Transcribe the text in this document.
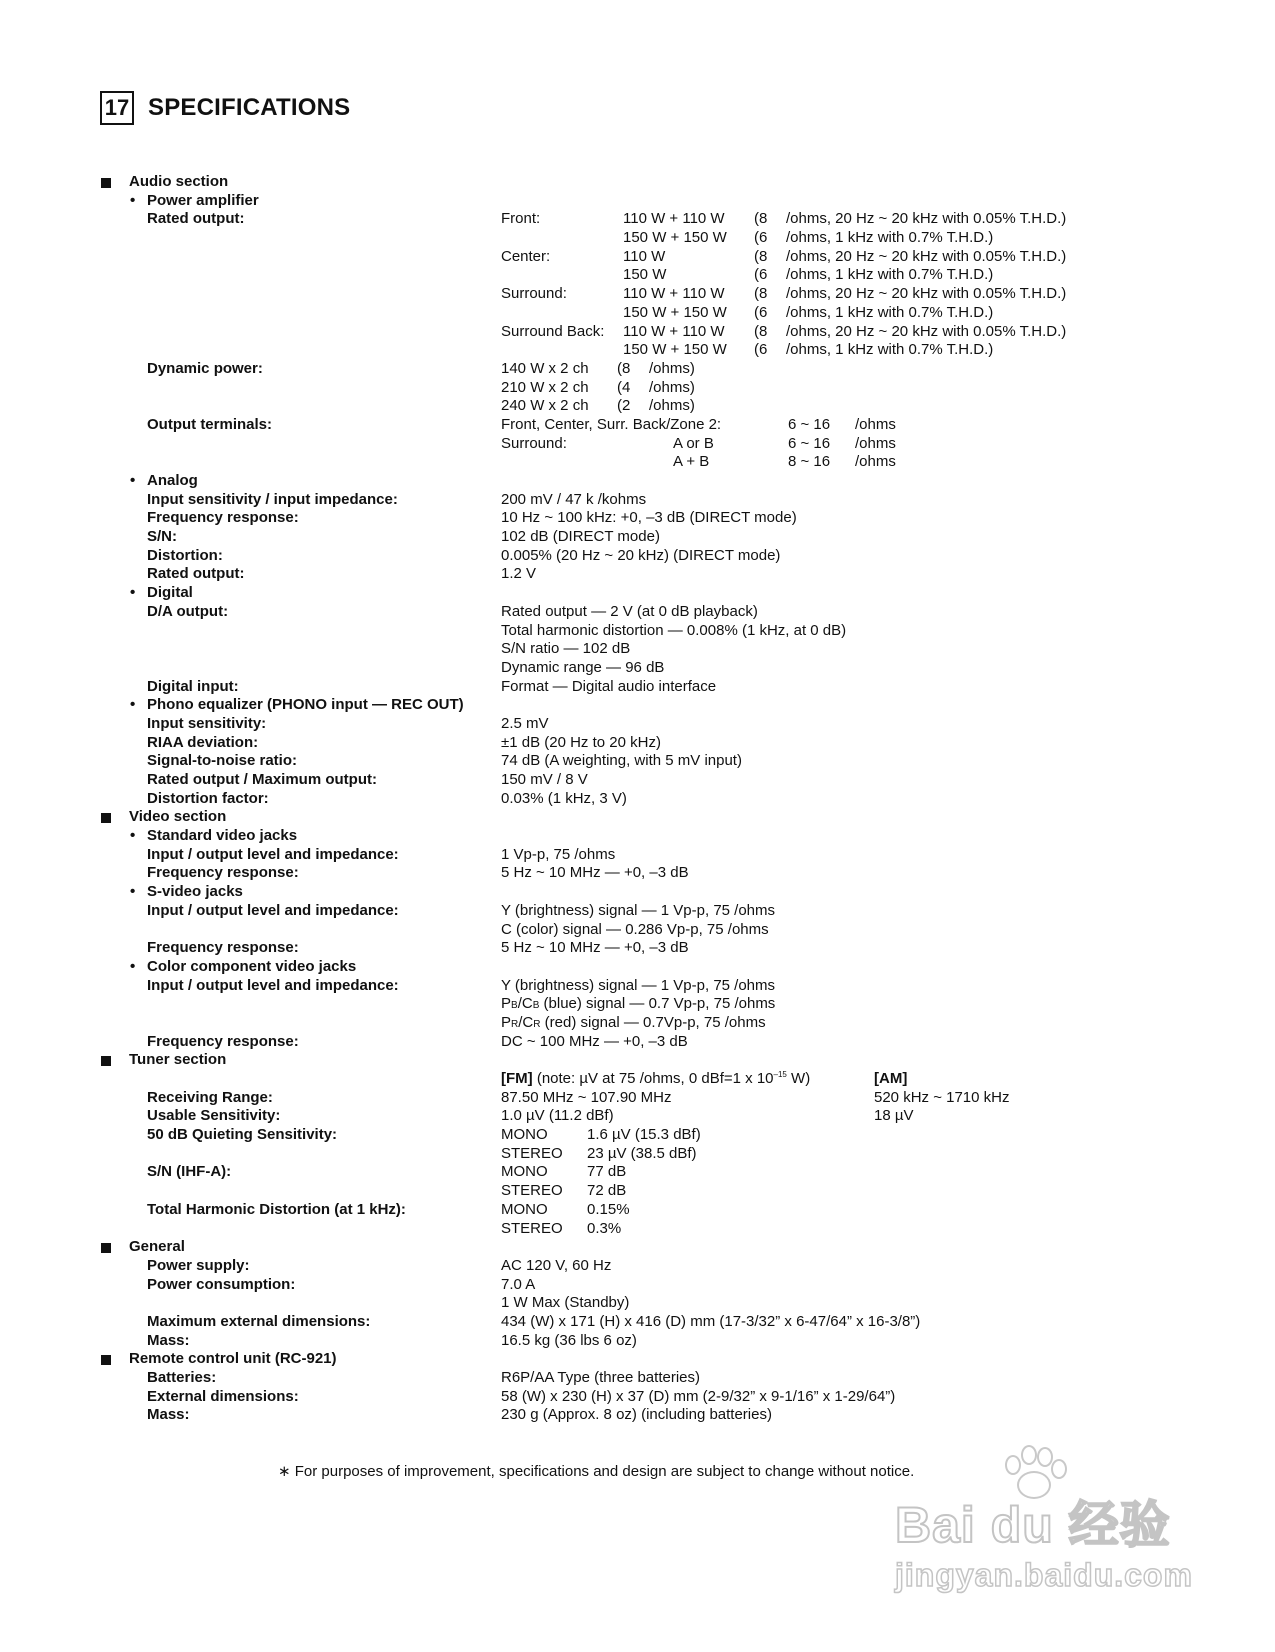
17 SPECIFICATIONS
Audio section
• Power amplifier
Rated output:	Front:	110 W + 110 W (8 /ohms, 20 Hz ~ 20 kHz with 0.05% T.H.D.)
150 W + 150 W (6 /ohms, 1 kHz with 0.7% T.H.D.)
Center:	110 W	(8 /ohms, 20 Hz ~ 20 kHz with 0.05% T.H.D.)
150 W	(6 /ohms, 1 kHz with 0.7% T.H.D.)
Surround:	110 W + 110 W (8 /ohms, 20 Hz ~ 20 kHz with 0.05% T.H.D.)
150 W + 150 W (6 /ohms, 1 kHz with 0.7% T.H.D.)
Surround Back: 110 W + 110 W (8 /ohms, 20 Hz ~ 20 kHz with 0.05% T.H.D.)
150 W + 150 W (6 /ohms, 1 kHz with 0.7% T.H.D.)
Dynamic power:	140 W x 2 ch (8 /ohms)
210 W x 2 ch (4 /ohms)
240 W x 2 ch (2 /ohms)
Output terminals:	Front, Center, Surr. Back/Zone 2:	6 ~ 16 /ohms
Surround:	A or B	6 ~ 16 /ohms
A + B	8 ~ 16 /ohms
• Analog
Input sensitivity / input impedance:	200 mV / 47 k /kohms
Frequency response:	10 Hz ~ 100 kHz: +0, –3 dB (DIRECT mode)
S/N:	102 dB (DIRECT mode)
Distortion:	0.005% (20 Hz ~ 20 kHz) (DIRECT mode)
Rated output:	1.2 V
• Digital
D/A output:	Rated output — 2 V (at 0 dB playback)
Total harmonic distortion — 0.008% (1 kHz, at 0 dB)
S/N ratio — 102 dB
Dynamic range — 96 dB
Digital input:	Format — Digital audio interface
• Phono equalizer (PHONO input — REC OUT)
Input sensitivity:	2.5 mV
RIAA deviation:	±1 dB (20 Hz to 20 kHz)
Signal-to-noise ratio:	74 dB (A weighting, with 5 mV input)
Rated output / Maximum output:	150 mV / 8 V
Distortion factor:	0.03% (1 kHz, 3 V)
Video section
• Standard video jacks
Input / output level and impedance:	1 Vp-p, 75 /ohms
Frequency response:	5 Hz ~ 10 MHz — +0, –3 dB
• S-video jacks
Input / output level and impedance:	Y (brightness) signal — 1 Vp-p, 75 /ohms
C (color) signal — 0.286 Vp-p, 75 /ohms
Frequency response:	5 Hz ~ 10 MHz — +0, –3 dB
• Color component video jacks
Input / output level and impedance:	Y (brightness) signal — 1 Vp-p, 75 /ohms
PB/CB (blue) signal — 0.7 Vp-p, 75 /ohms
PR/CR (red) signal — 0.7Vp-p, 75 /ohms
Frequency response:	DC ~ 100 MHz — +0, –3 dB
Tuner section
[FM] (note: µV at 75 /ohms, 0 dBf=1 x $10^{-15}$ W)	[AM]
Receiving Range:	87.50 MHz ~ 107.90 MHz	520 kHz ~ 1710 kHz
Usable Sensitivity:	1.0 µV (11.2 dBf)	18 µV
50 dB Quieting Sensitivity:	MONO	1.6 µV (15.3 dBf)
STEREO 23 µV (38.5 dBf)
S/N (IHF-A):	MONO	77 dB
STEREO 72 dB
Total Harmonic Distortion (at 1 kHz):	MONO	0.15%
STEREO 0.3%
General
Power supply:	AC 120 V, 60 Hz
Power consumption:	7.0 A
1 W Max (Standby)
Maximum external dimensions:	434 (W) x 171 (H) x 416 (D) mm (17-3/32” x 6-47/64” x 16-3/8”)
Mass:	16.5 kg (36 lbs 6 oz)
Remote control unit (RC-921)
Batteries:	R6P/AA Type (three batteries)
External dimensions:	58 (W) x 230 (H) x 37 (D) mm (2-9/32” x 9-1/16” x 1-29/64”)
Mass:	230 g (Approx. 8 oz) (including batteries)
∗ For purposes of improvement, specifications and design are subject to change without notice.
Bai du 经验
jingyan.baidu.com
